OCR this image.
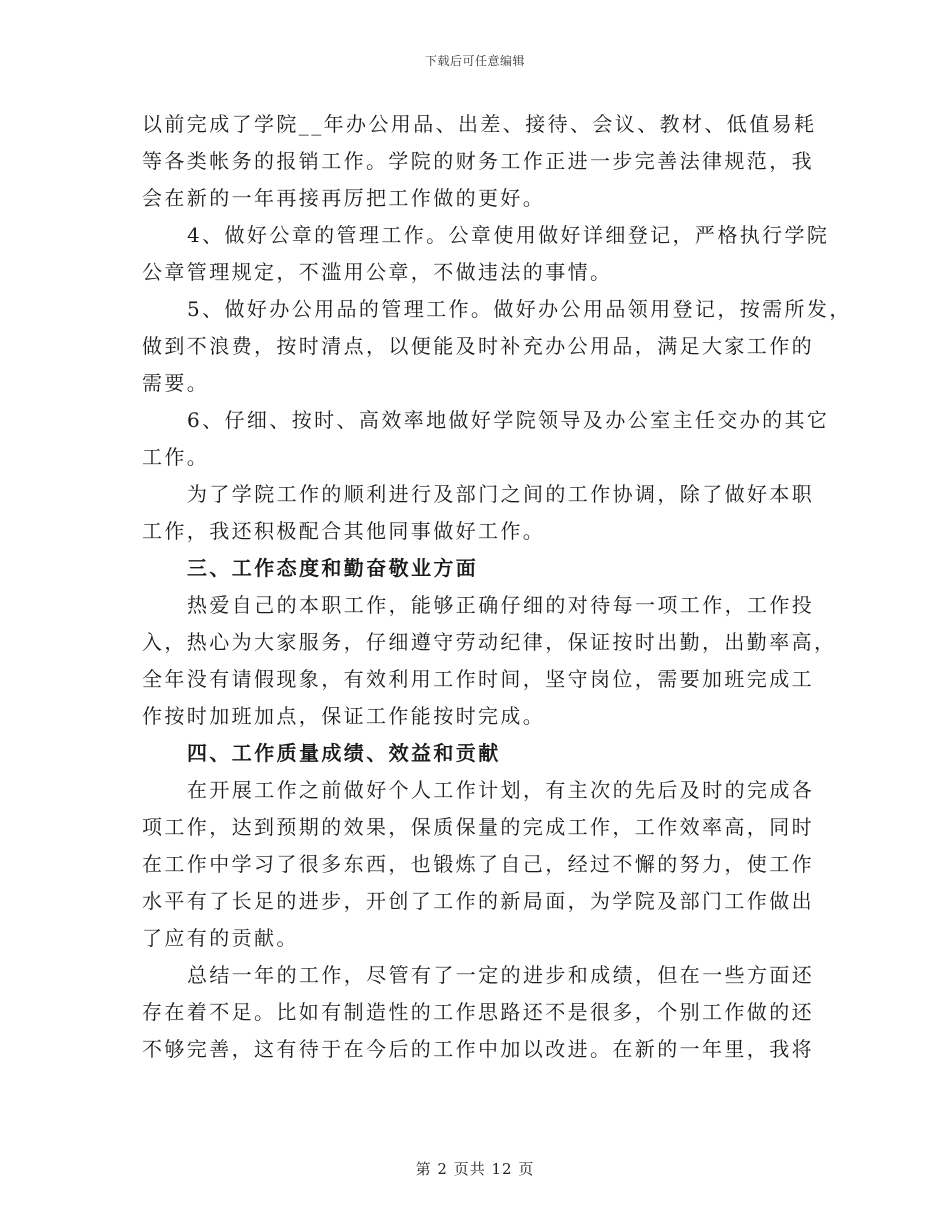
下载后可任意编辑

以前完成了学院__年办公用品、出差、接待、会议、教材、低值易耗

等各类帐务的报销工作。学院的财务工作正进一步完善法律规范，我

会在新的一年再接再厉把工作做的更好。

4、做好公章的管理工作。公章使用做好详细登记，严格执行学院

公章管理规定，不滥用公章，不做违法的事情。

5、做好办公用品的管理工作。做好办公用品领用登记，按需所发，

做到不浪费，按时清点，以便能及时补充办公用品，满足大家工作的

需要。

6、仔细、按时、高效率地做好学院领导及办公室主任交办的其它

工作。

为了学院工作的顺利进行及部门之间的工作协调，除了做好本职

工作，我还积极配合其他同事做好工作。

三、工作态度和勤奋敬业方面

热爱自己的本职工作，能够正确仔细的对待每一项工作，工作投

入，热心为大家服务，仔细遵守劳动纪律，保证按时出勤，出勤率高，

全年没有请假现象，有效利用工作时间，坚守岗位，需要加班完成工

作按时加班加点，保证工作能按时完成。

四、工作质量成绩、效益和贡献

在开展工作之前做好个人工作计划，有主次的先后及时的完成各

项工作，达到预期的效果，保质保量的完成工作，工作效率高，同时

在工作中学习了很多东西，也锻炼了自己，经过不懈的努力，使工作

水平有了长足的进步，开创了工作的新局面，为学院及部门工作做出

了应有的贡献。

总结一年的工作，尽管有了一定的进步和成绩，但在一些方面还

存在着不足。比如有制造性的工作思路还不是很多，个别工作做的还

不够完善，这有待于在今后的工作中加以改进。在新的一年里，我将

第 2 页共 12 页
